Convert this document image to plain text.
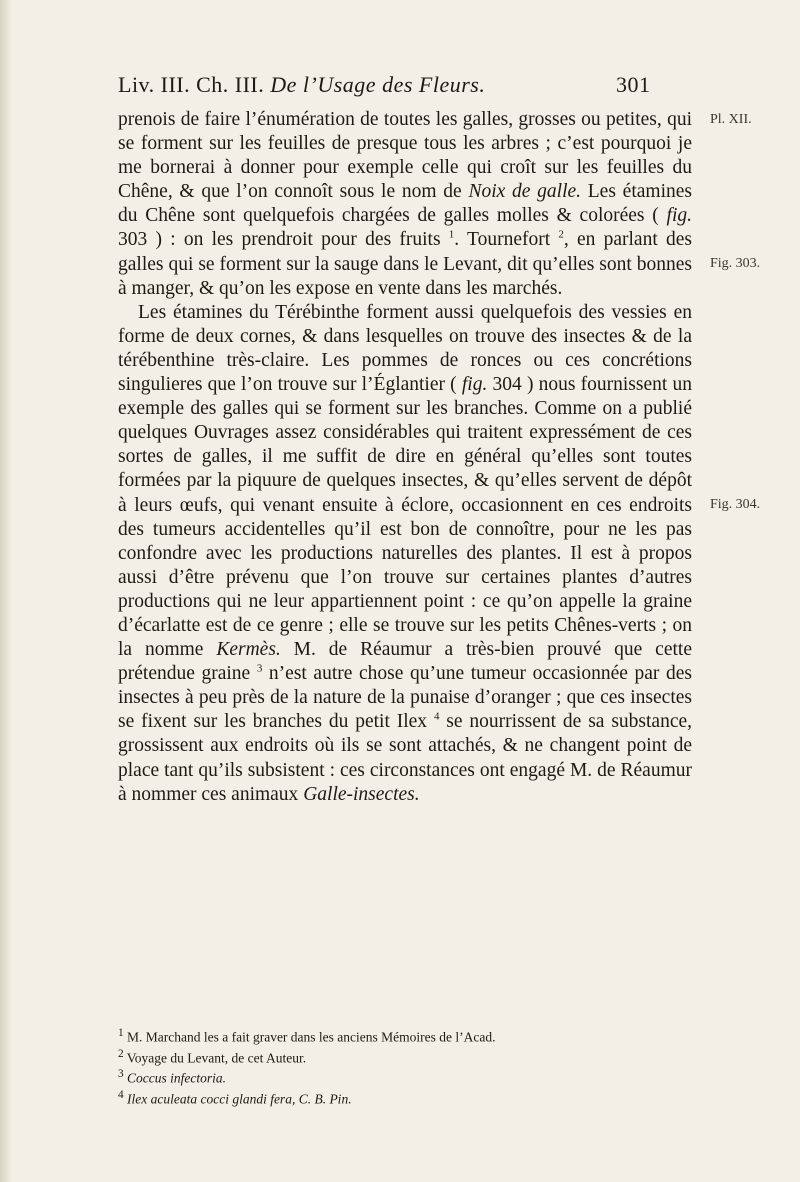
Liv. III. Ch. III. De l’Usage des Fleurs.	301
Pl. XII.
Fig. 303.
Fig. 304.

prenois de faire l’énumération de toutes les galles, grosses ou petites, qui se forment sur les feuilles de presque tous les arbres ; c’est pourquoi je me bornerai à donner pour exemple celle qui croît sur les feuilles du Chêne, & que l’on connoît sous le nom de Noix de galle. Les étamines du Chêne sont quelquefois chargées de galles molles & colorées ( fig. 303 ) : on les prendroit pour des fruits $^1$. Tournefort $^2$, en parlant des galles qui se forment sur la sauge dans le Levant, dit qu’elles sont bonnes à manger, & qu’on les expose en vente dans les marchés.

Les étamines du Térébinthe forment aussi quelquefois des vessies en forme de deux cornes, & dans lesquelles on trouve des insectes & de la térébenthine très-claire. Les pommes de ronces ou ces concrétions singulieres que l’on trouve sur l’Églantier ( fig. 304 ) nous fournissent un exemple des galles qui se forment sur les branches. Comme on a publié quelques Ouvrages assez considérables qui traitent expressément de ces sortes de galles, il me suffit de dire en général qu’elles sont toutes formées par la piquure de quelques insectes, & qu’elles servent de dépôt à leurs œufs, qui venant ensuite à éclore, occasionnent en ces endroits des tumeurs accidentelles qu’il est bon de connoître, pour ne les pas confondre avec les productions naturelles des plantes. Il est à propos aussi d’être prévenu que l’on trouve sur certaines plantes d’autres productions qui ne leur appartiennent point : ce qu’on appelle la graine d’écarlatte est de ce genre ; elle se trouve sur les petits Chênes-verts ; on la nomme Kermès. M. de Réaumur a très-bien prouvé que cette prétendue graine $^3$ n’est autre chose qu’une tumeur occasionnée par des insectes à peu près de la nature de la punaise d’oranger ; que ces insectes se fixent sur les branches du petit Ilex $^4$ se nourrissent de sa substance, grossissent aux endroits où ils se sont attachés, & ne changent point de place tant qu’ils subsistent : ces circonstances ont engagé M. de Réaumur à nommer ces animaux Galle-insectes.

$^1$ M. Marchand les a fait graver dans les anciens Mémoires de l’Acad.
$^2$ Voyage du Levant, de cet Auteur.
$^3$ Coccus infectoria.
$^4$ Ilex aculeata cocci glandi fera, C. B. Pin.
